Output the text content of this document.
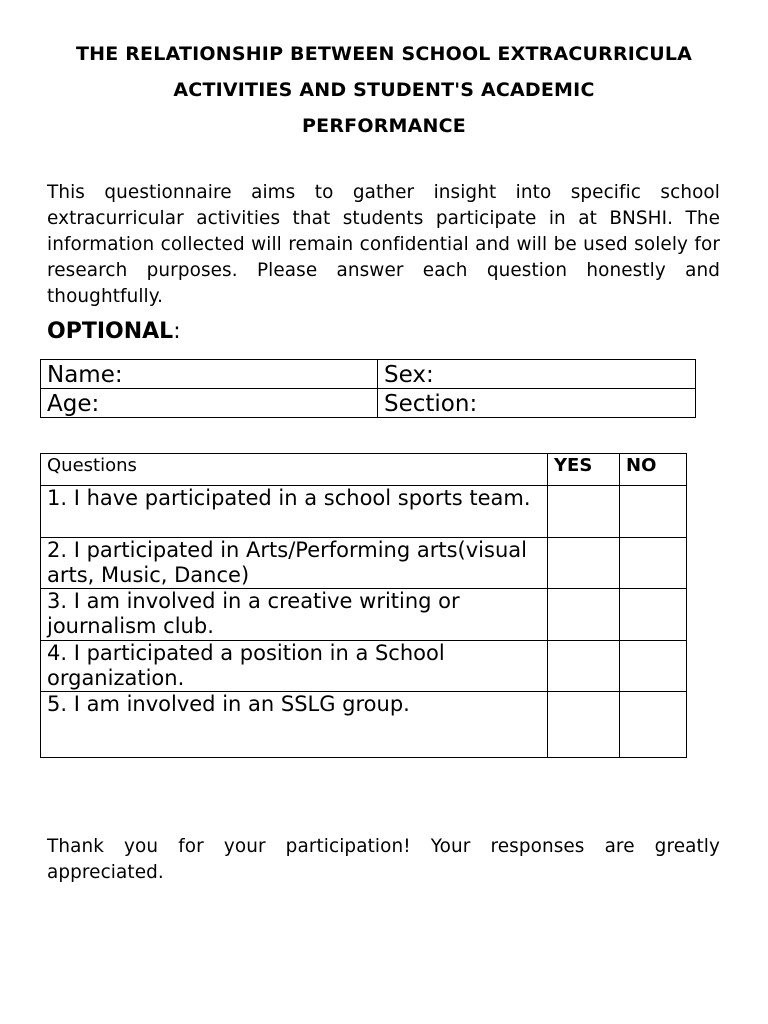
THE RELATIONSHIP BETWEEN SCHOOL EXTRACURRICULA
ACTIVITIES AND STUDENT'S ACADEMIC
PERFORMANCE

This questionnaire aims to gather insight into specific school extracurricular activities that students participate in at BNSHI. The information collected will remain confidential and will be used solely for research purposes. Please answer each question honestly and thoughtfully.

OPTIONAL:
Name:	Sex:
Age:	Section:
Questions	YES	NO
1. I have participated in a school sports team.		
2. I participated in Arts/Performing arts(visual arts, Music, Dance)		
3. I am involved in a creative writing or journalism club.		
4. I participated a position in a School organization.		
5. I am involved in an SSLG group.		

Thank you for your participation! Your responses are greatly appreciated.
